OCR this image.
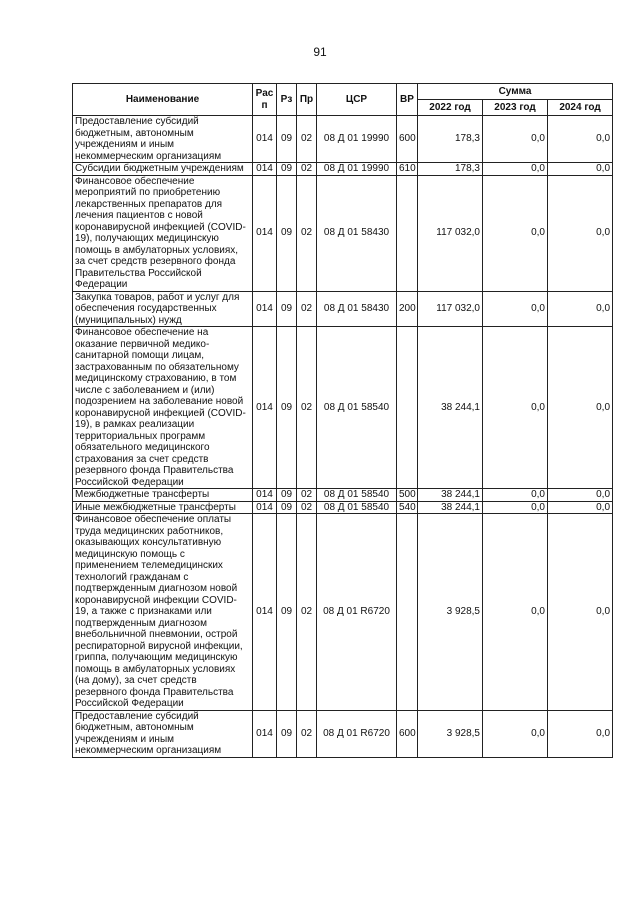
91
Наименование	Рас п	Рз	Пр	ЦСР	ВР	Сумма		
						2022 год	2023 год	2024 год
Предоставление субсидий бюджетным, автономным учреждениям и иным некоммерческим организациям	014	09	02	08 Д 01 19990	600	178,3	0,0	0,0
Субсидии бюджетным учреждениям	014	09	02	08 Д 01 19990	610	178,3	0,0	0,0
Финансовое обеспечение мероприятий по приобретению лекарственных препаратов для лечения пациентов с новой коронавирусной инфекцией (COVID-19), получающих медицинскую помощь в амбулаторных условиях, за счет средств резервного фонда Правительства Российской Федерации	014	09	02	08 Д 01 58430		117 032,0	0,0	0,0
Закупка товаров, работ и услуг для обеспечения государственных (муниципальных) нужд	014	09	02	08 Д 01 58430	200	117 032,0	0,0	0,0
Финансовое обеспечение на оказание первичной медико-санитарной помощи лицам, застрахованным по обязательному медицинскому страхованию, в том числе с заболеванием и (или) подозрением на заболевание новой коронавирусной инфекцией (COVID-19), в рамках реализации территориальных программ обязательного медицинского страхования за счет средств резервного фонда Правительства Российской Федерации	014	09	02	08 Д 01 58540		38 244,1	0,0	0,0
Межбюджетные трансферты	014	09	02	08 Д 01 58540	500	38 244,1	0,0	0,0
Иные межбюджетные трансферты	014	09	02	08 Д 01 58540	540	38 244,1	0,0	0,0
Финансовое обеспечение оплаты труда медицинских работников, оказывающих консультативную медицинскую помощь с применением телемедицинских технологий гражданам с подтвержденным диагнозом новой коронавирусной инфекции COVID-19, а также с признаками или подтвержденным диагнозом внебольничной пневмонии, острой респираторной вирусной инфекции, гриппа, получающим медицинскую помощь в амбулаторных условиях (на дому), за счет средств резервного фонда Правительства Российской Федерации	014	09	02	08 Д 01 R6720		3 928,5	0,0	0,0
Предоставление субсидий бюджетным, автономным учреждениям и иным некоммерческим организациям	014	09	02	08 Д 01 R6720	600	3 928,5	0,0	0,0
